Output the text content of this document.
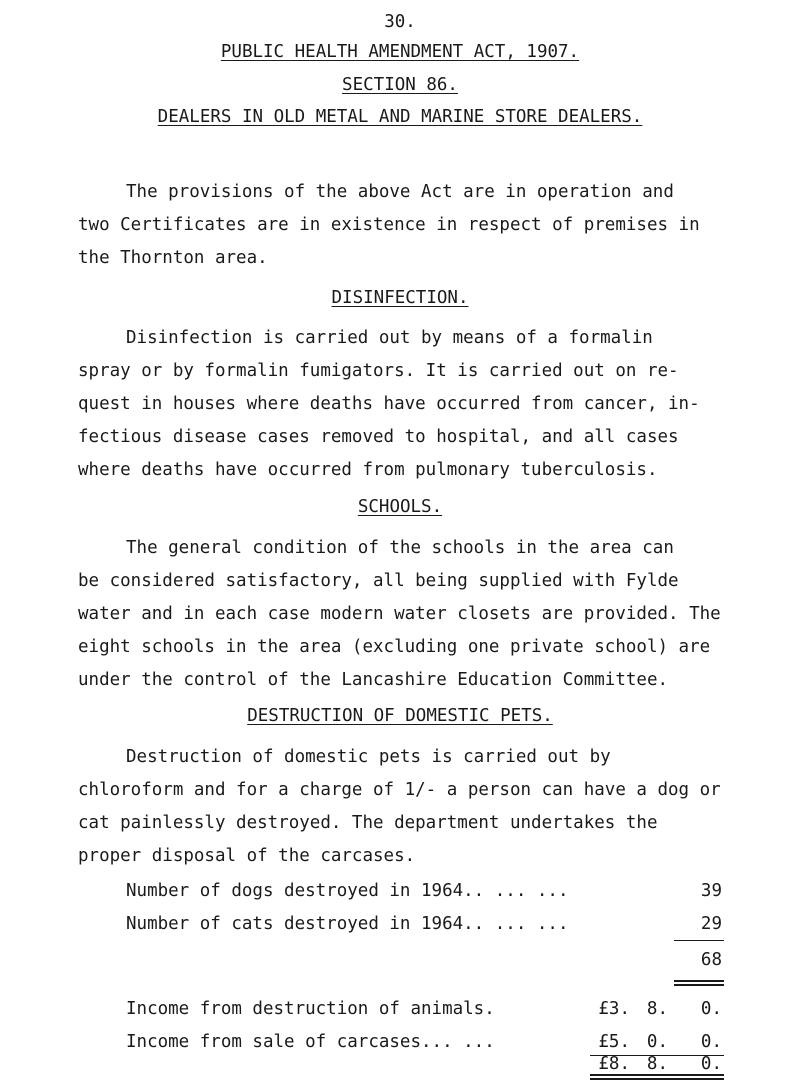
30.
PUBLIC HEALTH AMENDMENT ACT, 1907.
SECTION 86.
DEALERS IN OLD METAL AND MARINE STORE DEALERS.
The provisions of the above Act are in operation and
two Certificates are in existence in respect of premises in
the Thornton area.
DISINFECTION.
Disinfection is carried out by means of a formalin
spray or by formalin fumigators. It is carried out on re-
quest in houses where deaths have occurred from cancer, in-
fectious disease cases removed to hospital, and all cases
where deaths have occurred from pulmonary tuberculosis.
SCHOOLS.
The general condition of the schools in the area can
be considered satisfactory, all being supplied with Fylde
water and in each case modern water closets are provided. The
eight schools in the area (excluding one private school) are
under the control of the Lancashire Education Committee.
DESTRUCTION OF DOMESTIC PETS.
Destruction of domestic pets is carried out by
chloroform and for a charge of 1/- a person can have a dog or
cat painlessly destroyed. The department undertakes the
proper disposal of the carcases.
Number of dogs destroyed in 1964.. ... ...	39
Number of cats destroyed in 1964.. ... ...	29
68
Income from destruction of animals.	£3. 8.	0.
Income from sale of carcases... ...	£5. 0.	0.
£8. 8.	0.
